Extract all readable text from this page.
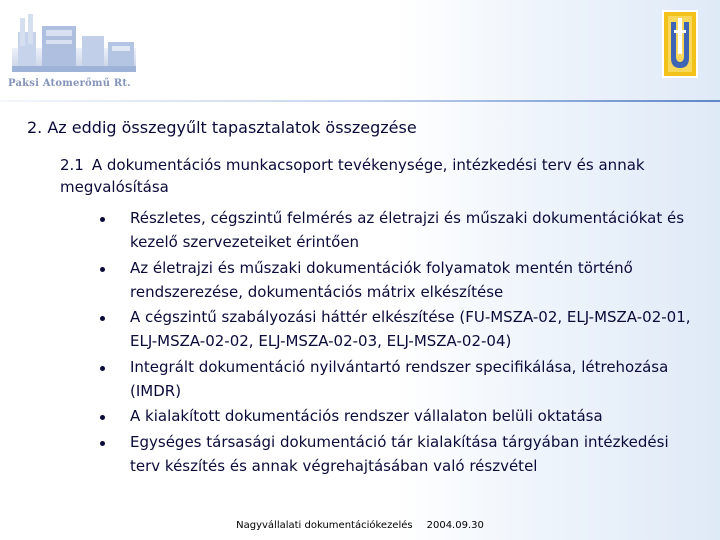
Paksi Atomerőmű Rt.
2. Az eddig összegyűlt tapasztalatok összegzése
2.1 A dokumentációs munkacsoport tevékenysége, intézkedési terv és annak megvalósítása
Részletes, cégszintű felmérés az életrajzi és műszaki dokumentációkat és kezelő szervezeteiket érintően
Az életrajzi és műszaki dokumentációk folyamatok mentén történő rendszerezése, dokumentációs mátrix elkészítése
A cégszintű szabályozási háttér elkészítése (FU-MSZA-02, ELJ-MSZA-02-01, ELJ-MSZA-02-02, ELJ-MSZA-02-03, ELJ-MSZA-02-04)
Integrált dokumentáció nyilvántartó rendszer specifikálása, létrehozása (IMDR)
A kialakított dokumentációs rendszer vállalaton belüli oktatása
Egységes társasági dokumentáció tár kialakítása tárgyában intézkedési terv készítés és annak végrehajtásában való részvétel
Nagyvállalati dokumentációkezelés 2004.09.30
